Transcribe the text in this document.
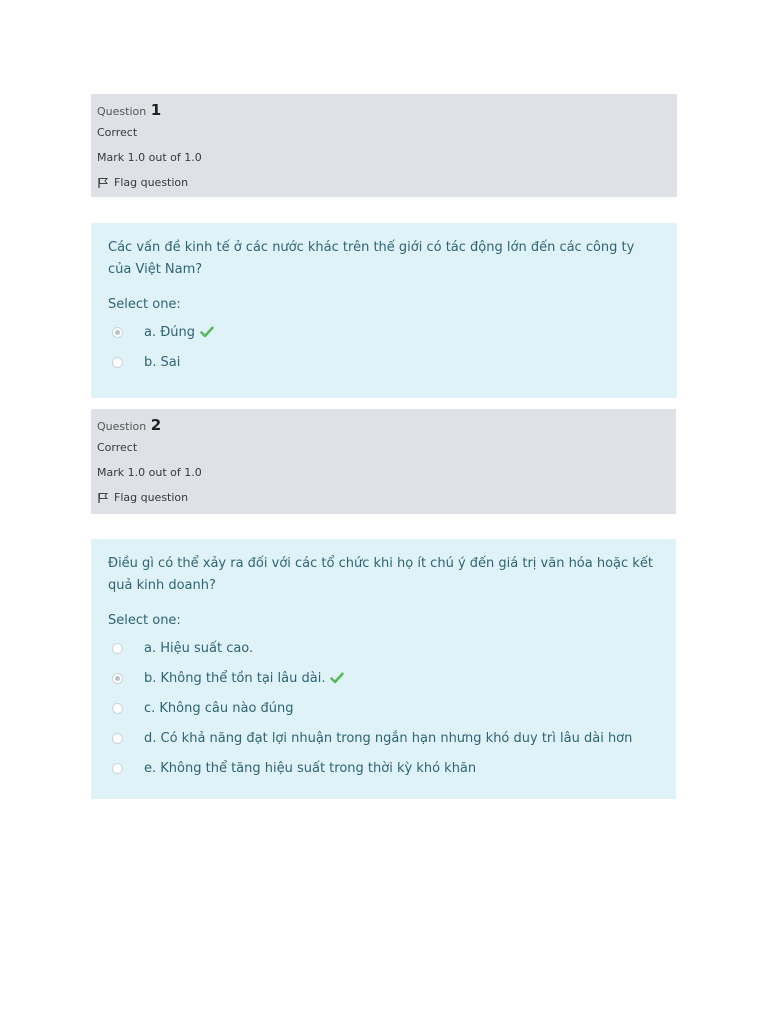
Question 1
Correct
Mark 1.0 out of 1.0
Flag question
Các vấn đề kinh tế ở các nước khác trên thế giới có tác động lớn đến các công ty của Việt Nam?
Select one:
a. Đúng
b. Sai
Question 2
Correct
Mark 1.0 out of 1.0
Flag question
Điều gì có thể xảy ra đối với các tổ chức khi họ ít chú ý đến giá trị văn hóa hoặc kết quả kinh doanh?
Select one:
a. Hiệu suất cao.
b. Không thể tồn tại lâu dài.
c. Không câu nào đúng
d. Có khả năng đạt lợi nhuận trong ngắn hạn nhưng khó duy trì lâu dài hơn
e. Không thể tăng hiệu suất trong thời kỳ khó khăn
